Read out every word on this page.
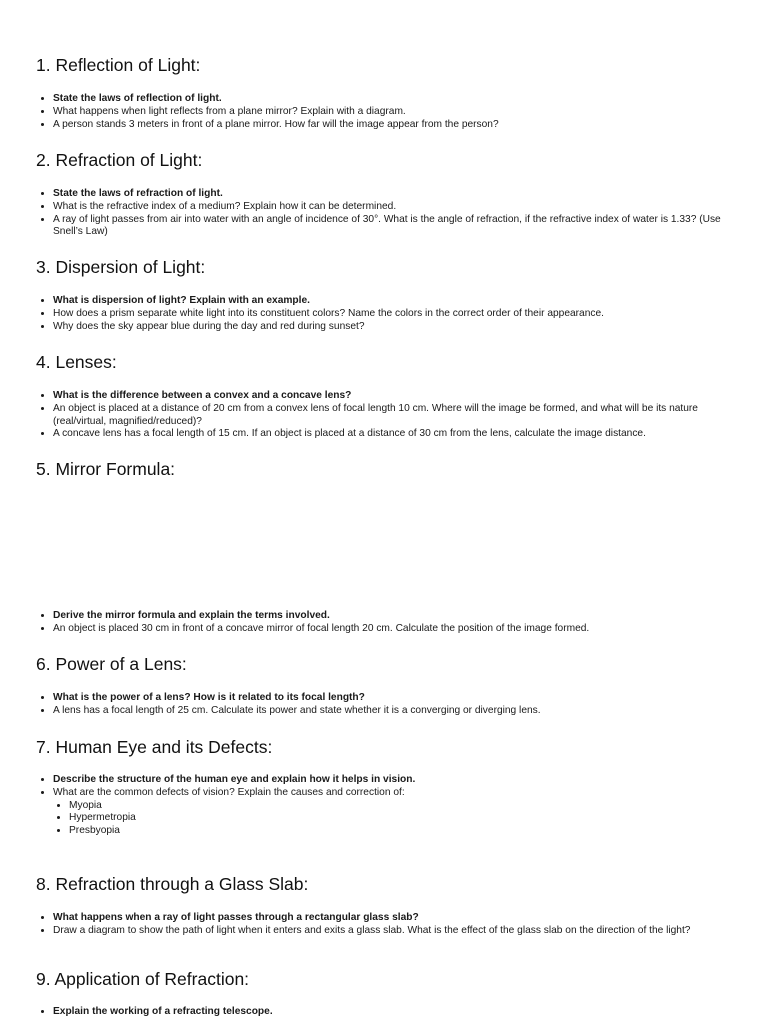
1. Reflection of Light:
• State the laws of reflection of light.
• What happens when light reflects from a plane mirror? Explain with a diagram.
• A person stands 3 meters in front of a plane mirror. How far will the image appear from the person?
2. Refraction of Light:
• State the laws of refraction of light.
• What is the refractive index of a medium? Explain how it can be determined.
• A ray of light passes from air into water with an angle of incidence of 30°. What is the angle of refraction, if the refractive index of water is 1.33? (Use Snell’s Law)
3. Dispersion of Light:
• What is dispersion of light? Explain with an example.
• How does a prism separate white light into its constituent colors? Name the colors in the correct order of their appearance.
• Why does the sky appear blue during the day and red during sunset?
4. Lenses:
• What is the difference between a convex and a concave lens?
• An object is placed at a distance of 20 cm from a convex lens of focal length 10 cm. Where will the image be formed, and what will be its nature (real/virtual, magnified/reduced)?
• A concave lens has a focal length of 15 cm. If an object is placed at a distance of 30 cm from the lens, calculate the image distance.
5. Mirror Formula:
• Derive the mirror formula and explain the terms involved.
• An object is placed 30 cm in front of a concave mirror of focal length 20 cm. Calculate the position of the image formed.
6. Power of a Lens:
• What is the power of a lens? How is it related to its focal length?
• A lens has a focal length of 25 cm. Calculate its power and state whether it is a converging or diverging lens.
7. Human Eye and its Defects:
• Describe the structure of the human eye and explain how it helps in vision.
• What are the common defects of vision? Explain the causes and correction of:
• Myopia
• Hypermetropia
• Presbyopia
8. Refraction through a Glass Slab:
• What happens when a ray of light passes through a rectangular glass slab?
• Draw a diagram to show the path of light when it enters and exits a glass slab. What is the effect of the glass slab on the direction of the light?
9. Application of Refraction:
• Explain the working of a refracting telescope.
